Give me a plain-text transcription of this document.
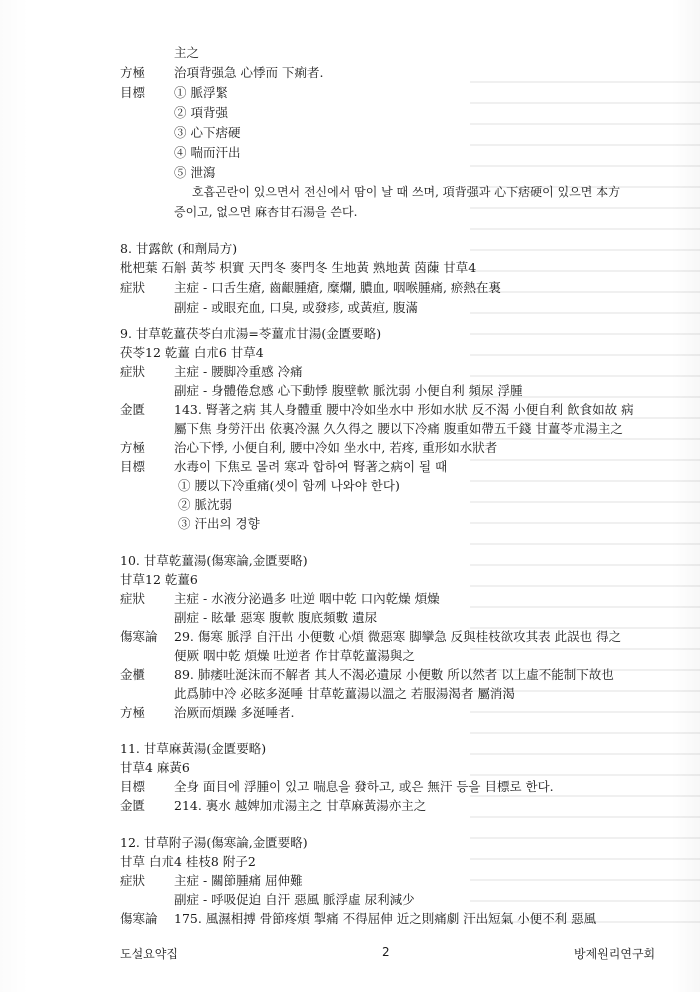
主之
方極 治項背强急 心悸而 下痢者.
目標 ① 脈浮緊
② 項背强
③ 心下痞硬
④ 喘而汗出
⑤ 泄瀉
호흡곤란이 있으면서 전신에서 땀이 날 때 쓰며, 項背强과 心下痞硬이 있으면 本方
증이고, 없으면 麻杏甘石湯을 쓴다.
8. 甘露飮 (和劑局方)
枇杷葉 石斛 黃芩 枳實 天門冬 麥門冬 生地黃 熟地黃 茵蔯 甘草4
症狀 主症 - 口舌生瘡, 齒齦腫瘡, 糜爛, 膿血, 咽喉腫痛, 瘀熱在裏
副症 - 或眼充血, 口臭, 或發疹, 或黃疸, 腹滿
9. 甘草乾薑茯苓白朮湯=苓薑朮甘湯(金匱要略)
茯苓12 乾薑 白朮6 甘草4
症狀 主症 - 腰脚冷重感 冷痛
副症 - 身體倦怠感 心下動悸 腹壁軟 脈沈弱 小便自利 頻尿 浮腫
金匱 143. 腎著之病 其人身體重 腰中冷如坐水中 形如水狀 反不渴 小便自利 飮食如故 病
屬下焦 身勞汗出 依裏冷濕 久久得之 腰以下冷痛 腹重如帶五千錢 甘薑苓朮湯主之
方極 治心下悸, 小便自利, 腰中冷如 坐水中, 若疼, 重形如水狀者
目標 水毒이 下焦로 몰려 寒과 합하여 腎著之病이 될 때
① 腰以下冷重痛(셋이 함께 나와야 한다)
② 脈沈弱
③ 汗出의 경향
10. 甘草乾薑湯(傷寒論,金匱要略)
甘草12 乾薑6
症狀 主症 - 水液分泌過多 吐逆 咽中乾 口內乾燥 煩燥
副症 - 眩暈 惡寒 腹軟 腹底頻數 遺尿
傷寒論 29. 傷寒 脈浮 自汗出 小便數 心煩 微惡寒 脚攣急 反與桂枝欲攻其表 此誤也 得之
便厥 咽中乾 煩燥 吐逆者 作甘草乾薑湯與之
金櫃 89. 肺痿吐涎沫而不解者 其人不渴必遺尿 小便數 所以然者 以上虛不能制下故也
此爲肺中冷 必眩多涎唾 甘草乾薑湯以溫之 若服湯渴者 屬消渴
方極 治厥而煩躁 多涎唾者.
11. 甘草麻黃湯(金匱要略)
甘草4 麻黃6
目標 全身 面目에 浮腫이 있고 喘息을 發하고, 或은 無汗 등을 目標로 한다.
金匱 214. 裏水 越婢加朮湯主之 甘草麻黃湯亦主之
12. 甘草附子湯(傷寒論,金匱要略)
甘草 白朮4 桂枝8 附子2
症狀 主症 - 關節腫痛 屈伸難
副症 - 呼吸促迫 自汗 惡風 脈浮虛 尿利減少
傷寒論 175. 風濕相搏 骨節疼煩 掣痛 不得屈伸 近之則痛劇 汗出短氣 小便不利 惡風
도설요약집	2	방제원리연구회
